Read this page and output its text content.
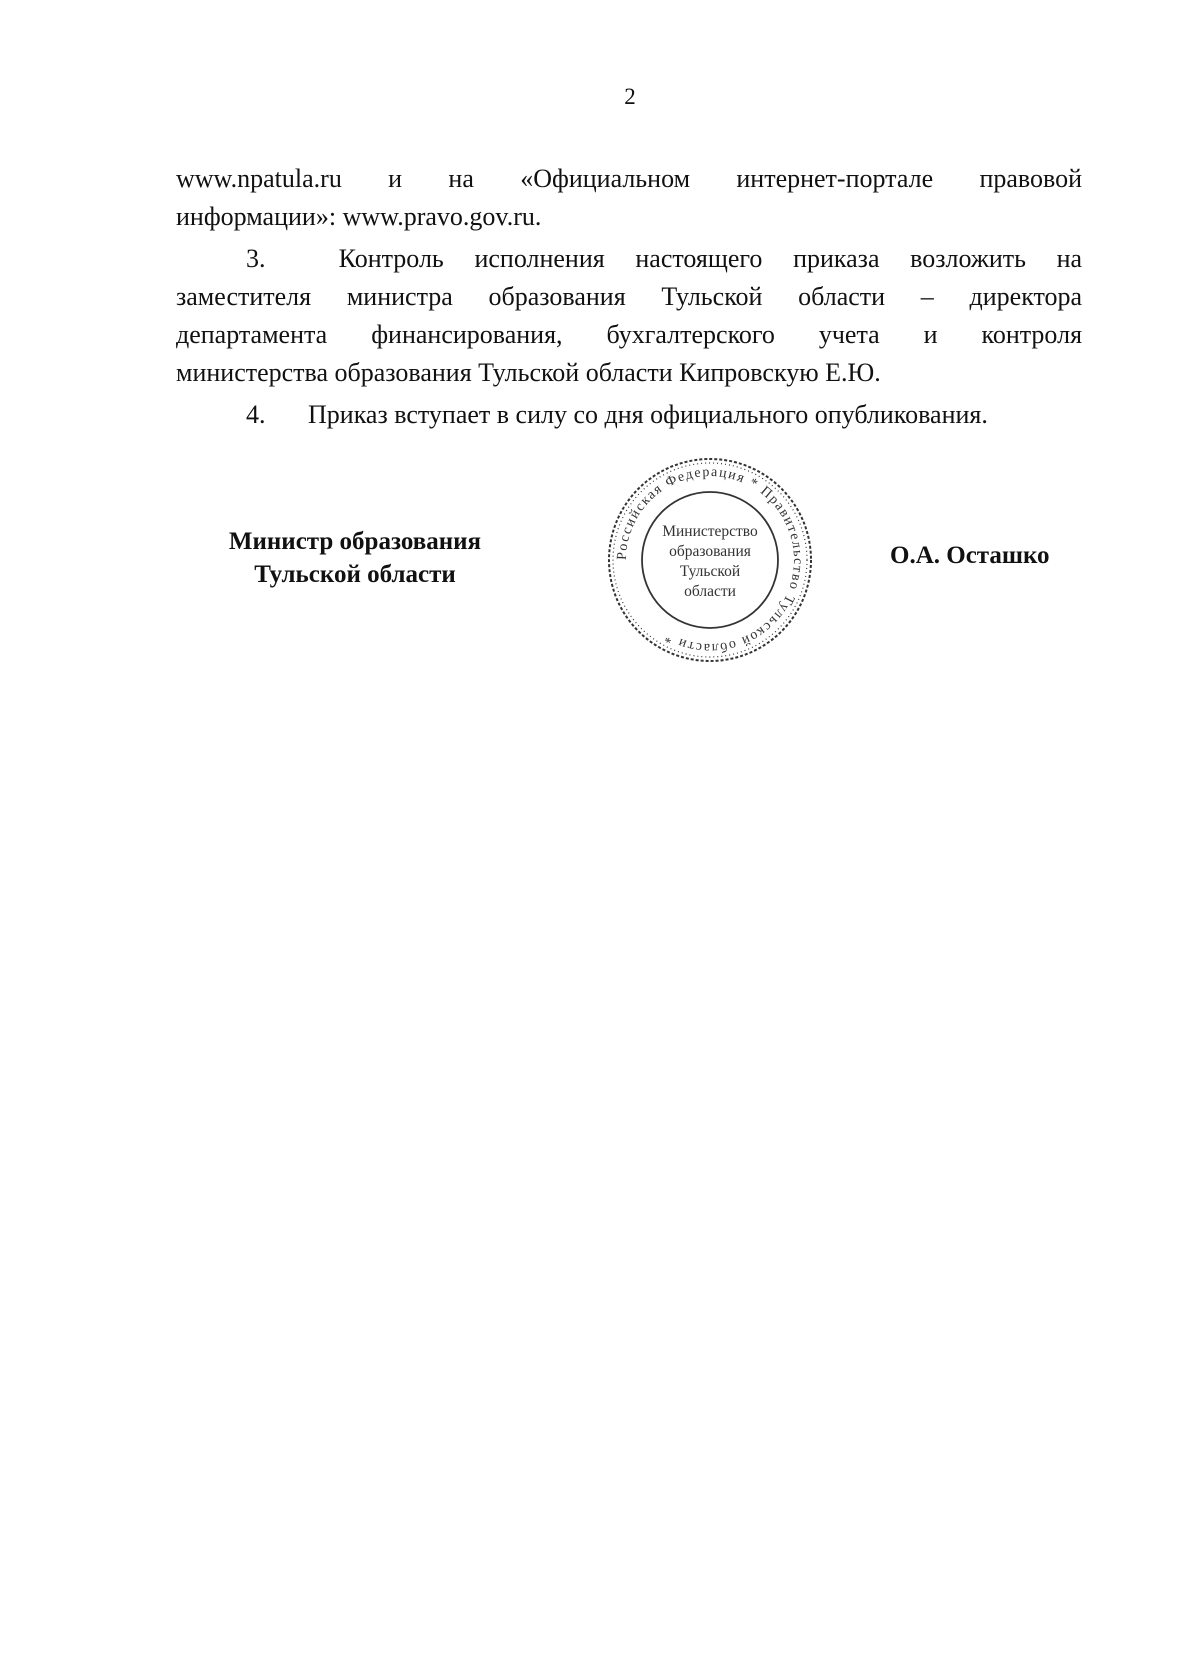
2
www.npatula.ru и на «Официальном интернет-портале правовой
информации»: www.pravo.gov.ru.
3.	Контроль исполнения настоящего приказа возложить на
заместителя министра образования Тульской области – директора
департамента финансирования, бухгалтерского учета и контроля
министерства образования Тульской области Кипровскую Е.Ю.
4. Приказ вступает в силу со дня официального опубликования.
Министр образования
Тульской области
О.А. Осташко
Российская Федерация * Правительство Тульской области *
Министерство
образования
Тульской
области
